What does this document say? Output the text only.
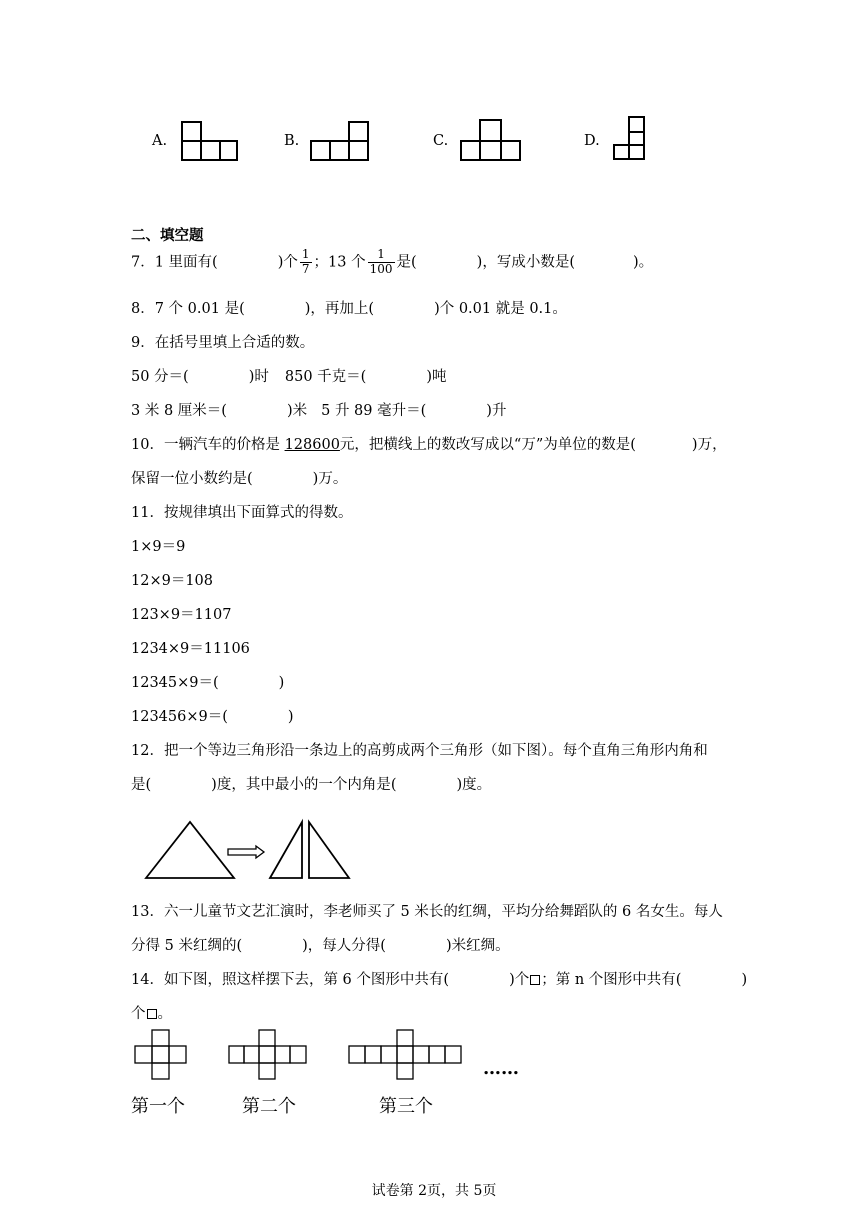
A.	B.	C.	D.
二、填空题
7．1 里面有(	)个 $\frac{1}{7}$ ；13 个 $\frac{1}{100}$ 是(	)，写成小数是(	)。
8．7 个 0.01 是(	)，再加上(	)个 0.01 就是 0.1。
9．在括号里填上合适的数。
50 分＝(	)时 850 千克＝(	)吨
3 米 8 厘米＝(	)米 5 升 89 毫升＝(	)升
10．一辆汽车的价格是 128600元，把横线上的数改写成以“万”为单位的数是(	)万，
保留一位小数约是(	)万。
11．按规律填出下面算式的得数。
1×9＝9
12×9＝108
123×9＝1107
1234×9＝11106
12345×9＝(	)
123456×9＝(	)
12．把一个等边三角形沿一条边上的高剪成两个三角形（如下图）。每个直角三角形内角和
是(	)度，其中最小的一个内角是(	)度。
13．六一儿童节文艺汇演时，李老师买了 5 米长的红绸，平均分给舞蹈队的 6 名女生。每人
分得 5 米红绸的(	)，每人分得(	)米红绸。
14．如下图，照这样摆下去，第 6 个图形中共有(	)个 ；第 n 个图形中共有(	)
个 。
……
第一个	第二个	第三个
试卷第 2页，共 5页
